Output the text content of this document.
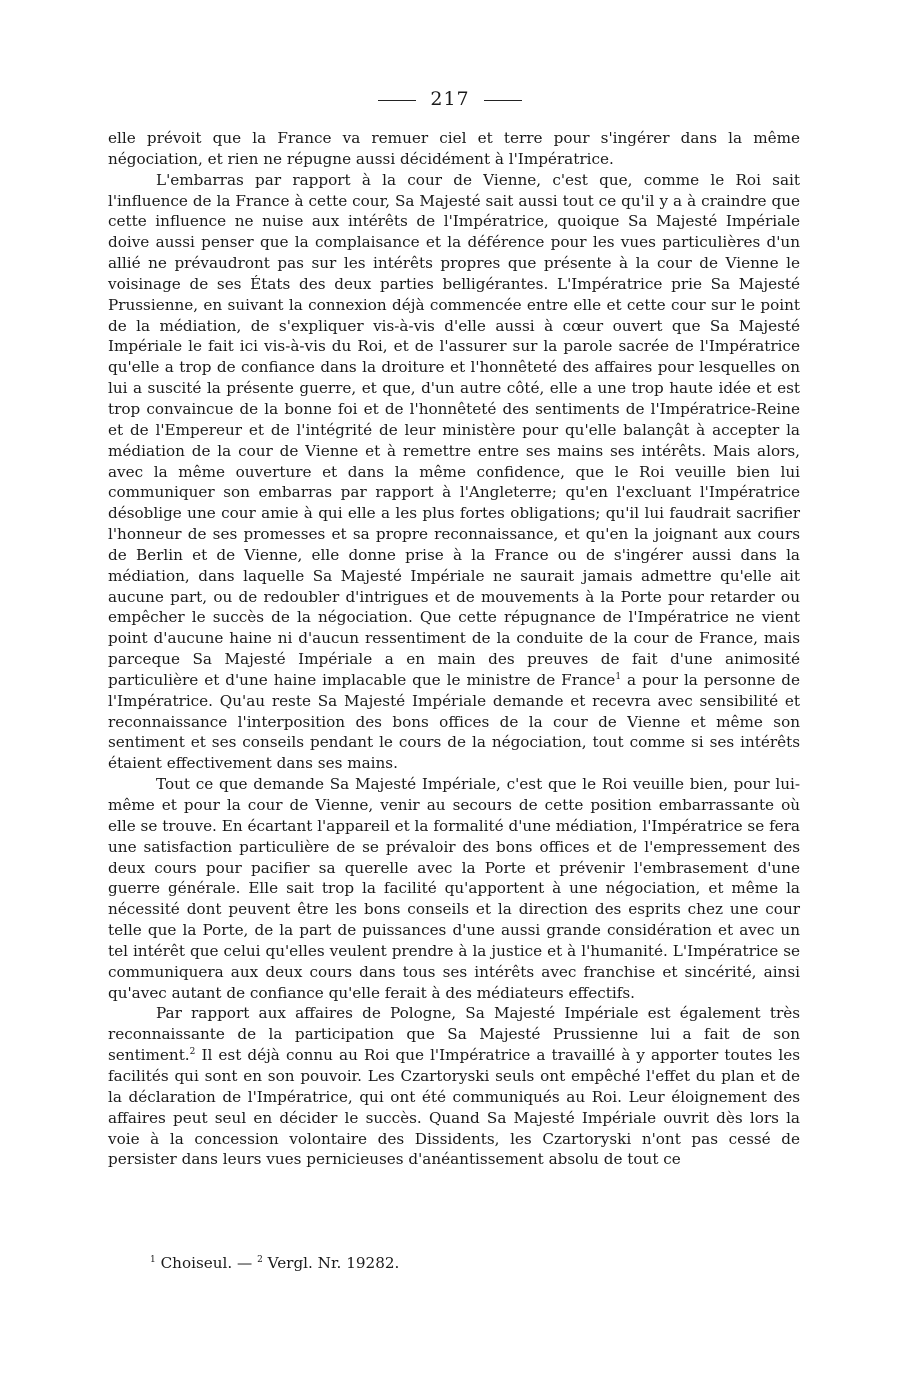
217

elle prévoit que la France va remuer ciel et terre pour s'ingérer dans la même négociation, et rien ne répugne aussi décidément à l'Impératrice.

L'embarras par rapport à la cour de Vienne, c'est que, comme le Roi sait l'influence de la France à cette cour, Sa Majesté sait aussi tout ce qu'il y a à craindre que cette influence ne nuise aux intérêts de l'Impératrice, quoique Sa Majesté Impériale doive aussi penser que la complaisance et la déférence pour les vues particulières d'un allié ne prévaudront pas sur les intérêts propres que présente à la cour de Vienne le voisinage de ses États des deux parties belligérantes. L'Impératrice prie Sa Majesté Prussienne, en suivant la connexion déjà commencée entre elle et cette cour sur le point de la médiation, de s'expliquer vis-à-vis d'elle aussi à cœur ouvert que Sa Majesté Impériale le fait ici vis-à-vis du Roi, et de l'assurer sur la parole sacrée de l'Impératrice qu'elle a trop de confiance dans la droiture et l'honnêteté des affaires pour lesquelles on lui a suscité la présente guerre, et que, d'un autre côté, elle a une trop haute idée et est trop convaincue de la bonne foi et de l'honnêteté des sentiments de l'Impératrice-Reine et de l'Empereur et de l'intégrité de leur ministère pour qu'elle balançât à accepter la médiation de la cour de Vienne et à remettre entre ses mains ses intérêts. Mais alors, avec la même ouverture et dans la même confidence, que le Roi veuille bien lui communiquer son embarras par rapport à l'Angleterre; qu'en l'excluant l'Impératrice désoblige une cour amie à qui elle a les plus fortes obligations; qu'il lui faudrait sacrifier l'honneur de ses promesses et sa propre reconnaissance, et qu'en la joignant aux cours de Berlin et de Vienne, elle donne prise à la France ou de s'ingérer aussi dans la médiation, dans laquelle Sa Majesté Impériale ne saurait jamais admettre qu'elle ait aucune part, ou de redoubler d'intrigues et de mouvements à la Porte pour retarder ou empêcher le succès de la négociation. Que cette répugnance de l'Impératrice ne vient point d'aucune haine ni d'aucun ressentiment de la conduite de la cour de France, mais parceque Sa Majesté Impériale a en main des preuves de fait d'une animosité particulière et d'une haine implacable que le ministre de France$^1$ a pour la personne de l'Impératrice. Qu'au reste Sa Majesté Impériale demande et recevra avec sensibilité et reconnaissance l'interposition des bons offices de la cour de Vienne et même son sentiment et ses conseils pendant le cours de la négociation, tout comme si ses intérêts étaient effectivement dans ses mains.

Tout ce que demande Sa Majesté Impériale, c'est que le Roi veuille bien, pour lui-même et pour la cour de Vienne, venir au secours de cette position embarrassante où elle se trouve. En écartant l'appareil et la formalité d'une médiation, l'Impératrice se fera une satisfaction particulière de se prévaloir des bons offices et de l'empressement des deux cours pour pacifier sa querelle avec la Porte et prévenir l'embrasement d'une guerre générale. Elle sait trop la facilité qu'apportent à une négociation, et même la nécessité dont peuvent être les bons conseils et la direction des esprits chez une cour telle que la Porte, de la part de puissances d'une aussi grande considération et avec un tel intérêt que celui qu'elles veulent prendre à la justice et à l'humanité. L'Impératrice se communiquera aux deux cours dans tous ses intérêts avec franchise et sincérité, ainsi qu'avec autant de confiance qu'elle ferait à des médiateurs effectifs.

Par rapport aux affaires de Pologne, Sa Majesté Impériale est également très reconnaissante de la participation que Sa Majesté Prussienne lui a fait de son sentiment.$^2$ Il est déjà connu au Roi que l'Impératrice a travaillé à y apporter toutes les facilités qui sont en son pouvoir. Les Czartoryski seuls ont empêché l'effet du plan et de la déclaration de l'Impératrice, qui ont été communiqués au Roi. Leur éloignement des affaires peut seul en décider le succès. Quand Sa Majesté Impériale ouvrit dès lors la voie à la concession volontaire des Dissidents, les Czartoryski n'ont pas cessé de persister dans leurs vues pernicieuses d'anéantissement absolu de tout ce

$^1$ Choiseul. — $^2$ Vergl. Nr. 19282.
